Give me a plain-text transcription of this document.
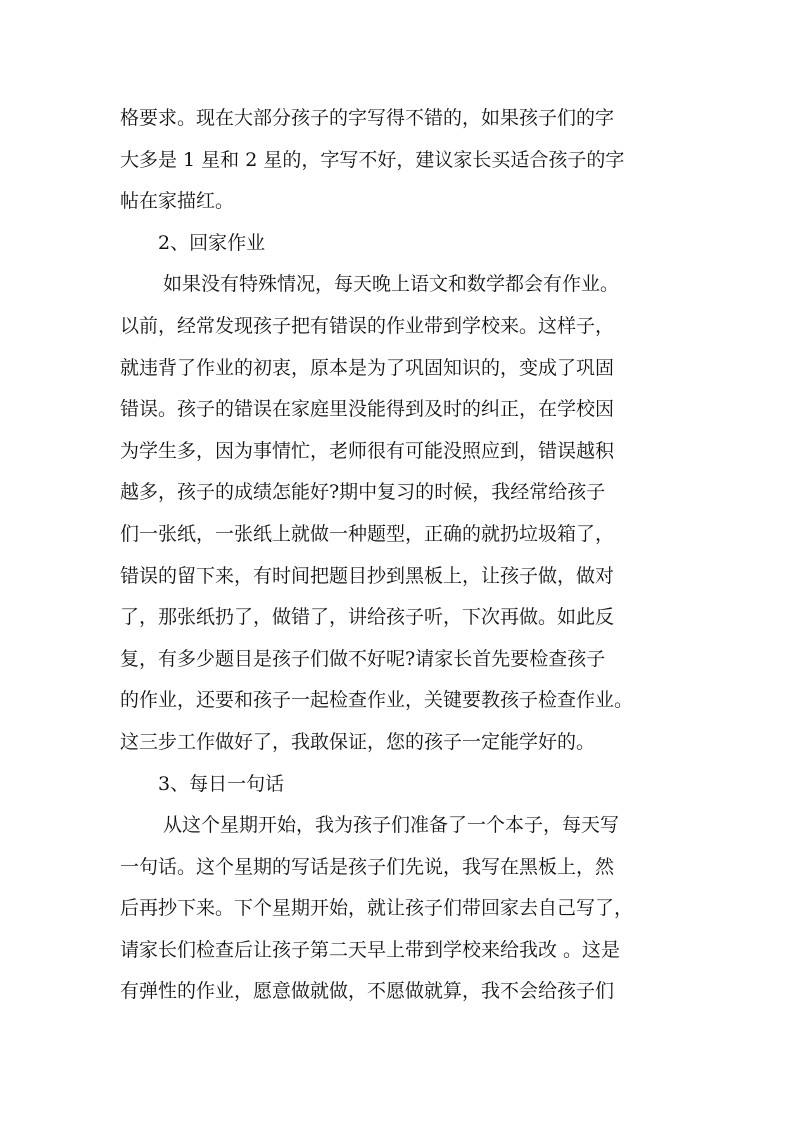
格要求。现在大部分孩子的字写得不错的，如果孩子们的字
大多是 1 星和 2 星的，字写不好，建议家长买适合孩子的字
帖在家描红。
2、回家作业
如果没有特殊情况，每天晚上语文和数学都会有作业。
以前，经常发现孩子把有错误的作业带到学校来。这样子，
就违背了作业的初衷，原本是为了巩固知识的，变成了巩固
错误。孩子的错误在家庭里没能得到及时的纠正，在学校因
为学生多，因为事情忙，老师很有可能没照应到，错误越积
越多，孩子的成绩怎能好?期中复习的时候，我经常给孩子
们一张纸，一张纸上就做一种题型，正确的就扔垃圾箱了，
错误的留下来，有时间把题目抄到黑板上，让孩子做，做对
了，那张纸扔了，做错了，讲给孩子听，下次再做。如此反
复，有多少题目是孩子们做不好呢?请家长首先要检查孩子
的作业，还要和孩子一起检查作业，关键要教孩子检查作业。
这三步工作做好了，我敢保证，您的孩子一定能学好的。
3、每日一句话
从这个星期开始，我为孩子们准备了一个本子，每天写
一句话。这个星期的写话是孩子们先说，我写在黑板上，然
后再抄下来。下个星期开始，就让孩子们带回家去自己写了，
请家长们检查后让孩子第二天早上带到学校来给我改 。这是
有弹性的作业，愿意做就做，不愿做就算，我不会给孩子们
